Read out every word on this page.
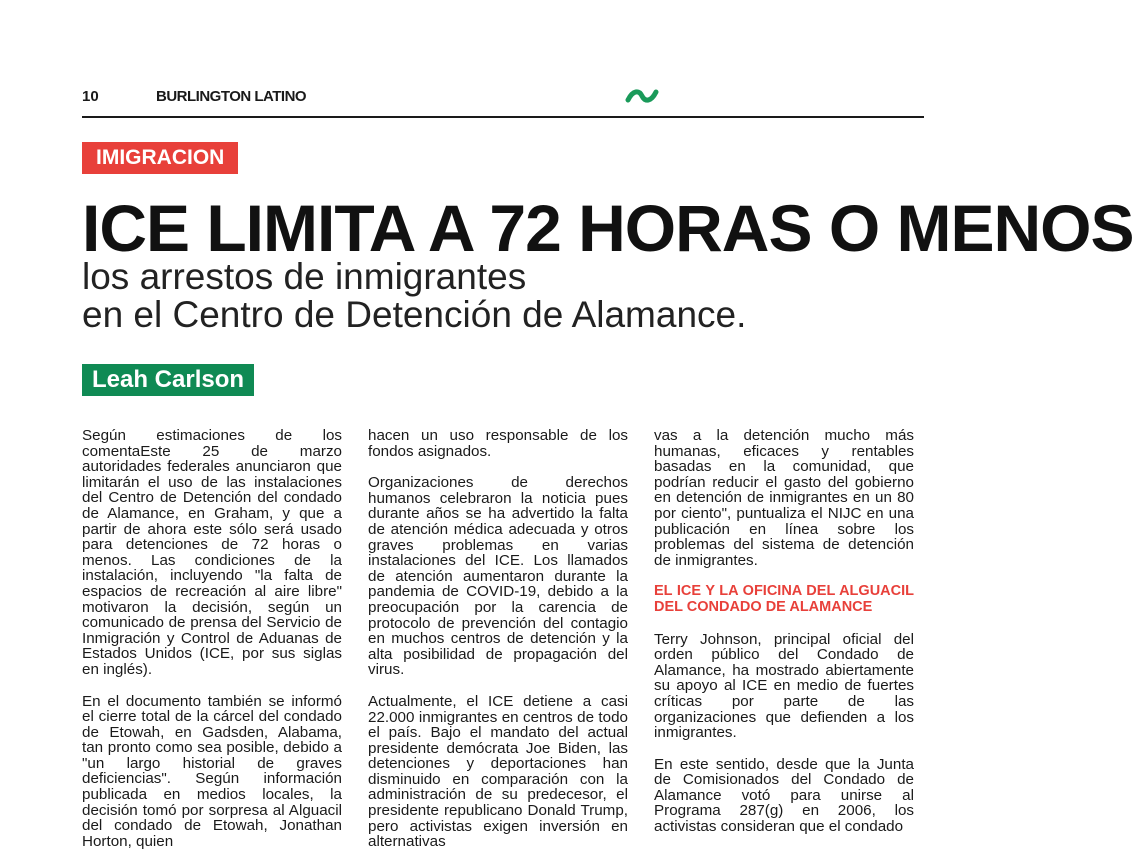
10	BURLINGTON LATINO
IMIGRACION
ICE LIMITA A 72 HORAS O MENOS
los arrestos de inmigrantes
en el Centro de Detención de Alamance.
Leah Carlson

Según estimaciones de los comentaEste 25 de marzo autoridades federales anunciaron que limitarán el uso de las instalaciones del Centro de Detención del condado de Alamance, en Graham, y que a partir de ahora este sólo será usado para detenciones de 72 horas o menos. Las condiciones de la instalación, incluyendo "la falta de espacios de recreación al aire libre" motivaron la decisión, según un comunicado de prensa del Servicio de Inmigración y Control de Aduanas de Estados Unidos (ICE, por sus siglas en inglés).

En el documento también se informó el cierre total de la cárcel del condado de Etowah, en Gadsden, Alabama, tan pronto como sea posible, debido a "un largo historial de graves deficiencias". Según información publicada en medios locales, la decisión tomó por sorpresa al Alguacil del condado de Etowah, Jonathan Horton, quien

hacen un uso responsable de los fondos asignados.

Organizaciones de derechos humanos celebraron la noticia pues durante años se ha advertido la falta de atención médica adecuada y otros graves problemas en varias instalaciones del ICE. Los llamados de atención aumentaron durante la pandemia de COVID-19, debido a la preocupación por la carencia de protocolo de prevención del contagio en muchos centros de detención y la alta posibilidad de propagación del virus.

Actualmente, el ICE detiene a casi 22.000 inmigrantes en centros de todo el país. Bajo el mandato del actual presidente demócrata Joe Biden, las detenciones y deportaciones han disminuido en comparación con la administración de su predecesor, el presidente republicano Donald Trump, pero activistas exigen inversión en alternativas

vas a la detención mucho más humanas, eficaces y rentables basadas en la comunidad, que podrían reducir el gasto del gobierno en detención de inmigrantes en un 80 por ciento", puntualiza el NIJC en una publicación en línea sobre los problemas del sistema de detención de inmigrantes.

EL ICE Y LA OFICINA DEL ALGUACIL DEL CONDADO DE ALAMANCE

Terry Johnson, principal oficial del orden público del Condado de Alamance, ha mostrado abiertamente su apoyo al ICE en medio de fuertes críticas por parte de las organizaciones que defienden a los inmigrantes.

En este sentido, desde que la Junta de Comisionados del Condado de Alamance votó para unirse al Programa 287(g) en 2006, los activistas consideran que el condado
